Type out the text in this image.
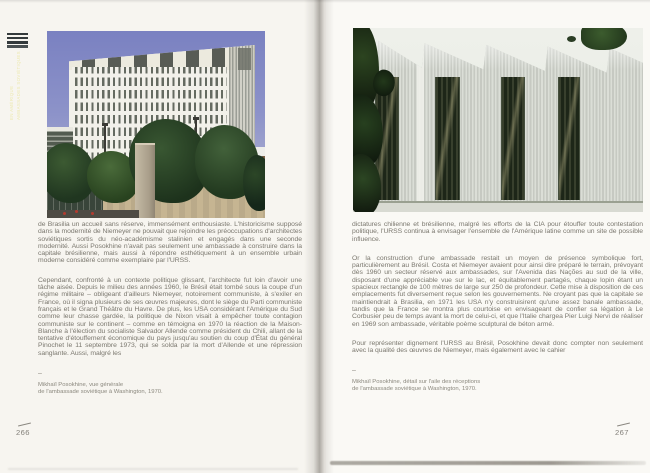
AMBASSADES SOVIÉTIQUES
EN AMÉRIQUE

de Brasilia un accueil sans réserve, immensément enthousiaste. L'historicisme supposé dans la modernité de Niemeyer ne pouvait que rejoindre les préoccupations d'architectes soviétiques sortis du néo-académisme stalinien et engagés dans une seconde modernité. Aussi Posokhine n'avait pas seulement une ambassade à construire dans la capitale brésilienne, mais aussi à répondre esthétiquement à un ensemble urbain moderne considéré comme exemplaire par l'URSS.

Cependant, confronté à un contexte politique glissant, l'architecte fut loin d'avoir une tâche aisée. Depuis le milieu des années 1960, le Brésil était tombé sous la coupe d'un régime militaire – obligeant d'ailleurs Niemeyer, notoirement communiste, à s'exiler en France, où il signa plusieurs de ses œuvres majeures, dont le siège du Parti communiste français et le Grand Théâtre du Havre. De plus, les USA considérant l'Amérique du Sud comme leur chasse gardée, la politique de Nixon visait à empêcher toute contagion communiste sur le continent – comme en témoigna en 1970 la réaction de la Maison-Blanche à l'élection du socialiste Salvador Allende comme président du Chili, allant de la tentative d'étouffement économique du pays jusqu'au soutien du coup d'État du général Pinochet le 11 septembre 1973, qui se solda par la mort d'Allende et une répression sanglante. Aussi, malgré les

–
Mikhaïl Posokhine, vue générale
de l'ambassade soviétique à Washington, 1970.
266

dictatures chilienne et brésilienne, malgré les efforts de la CIA pour étouffer toute contestation politique, l'URSS continua à envisager l'ensemble de l'Amérique latine comme un site de possible influence.

Or la construction d'une ambassade restait un moyen de présence symbolique fort, particulièrement au Brésil. Costa et Niemeyer avaient pour ainsi dire préparé le terrain, prévoyant dès 1960 un secteur réservé aux ambassades, sur l'Avenida das Nações au sud de la ville, disposant d'une appréciable vue sur le lac, et équitablement partagés, chaque lopin étant un spacieux rectangle de 100 mètres de large sur 250 de profondeur. Cette mise à disposition de ces emplacements fut diversement reçue selon les gouvernements. Ne croyant pas que la capitale se maintiendrait à Brasilia, en 1971 les USA n'y construisirent qu'une assez banale ambassade, tandis que la France se montra plus courtoise en envisageant de confier sa légation à Le Corbusier peu de temps avant la mort de celui-ci, et que l'Italie chargea Pier Luigi Nervi de réaliser en 1969 son ambassade, véritable poème sculptural de béton armé.

Pour représenter dignement l'URSS au Brésil, Posokhine devait donc compter non seulement avec la qualité des œuvres de Niemeyer, mais également avec le cahier

–
Mikhaïl Posokhine, détail sur l'aile des réceptions
de l'ambassade soviétique à Washington, 1970.
267
